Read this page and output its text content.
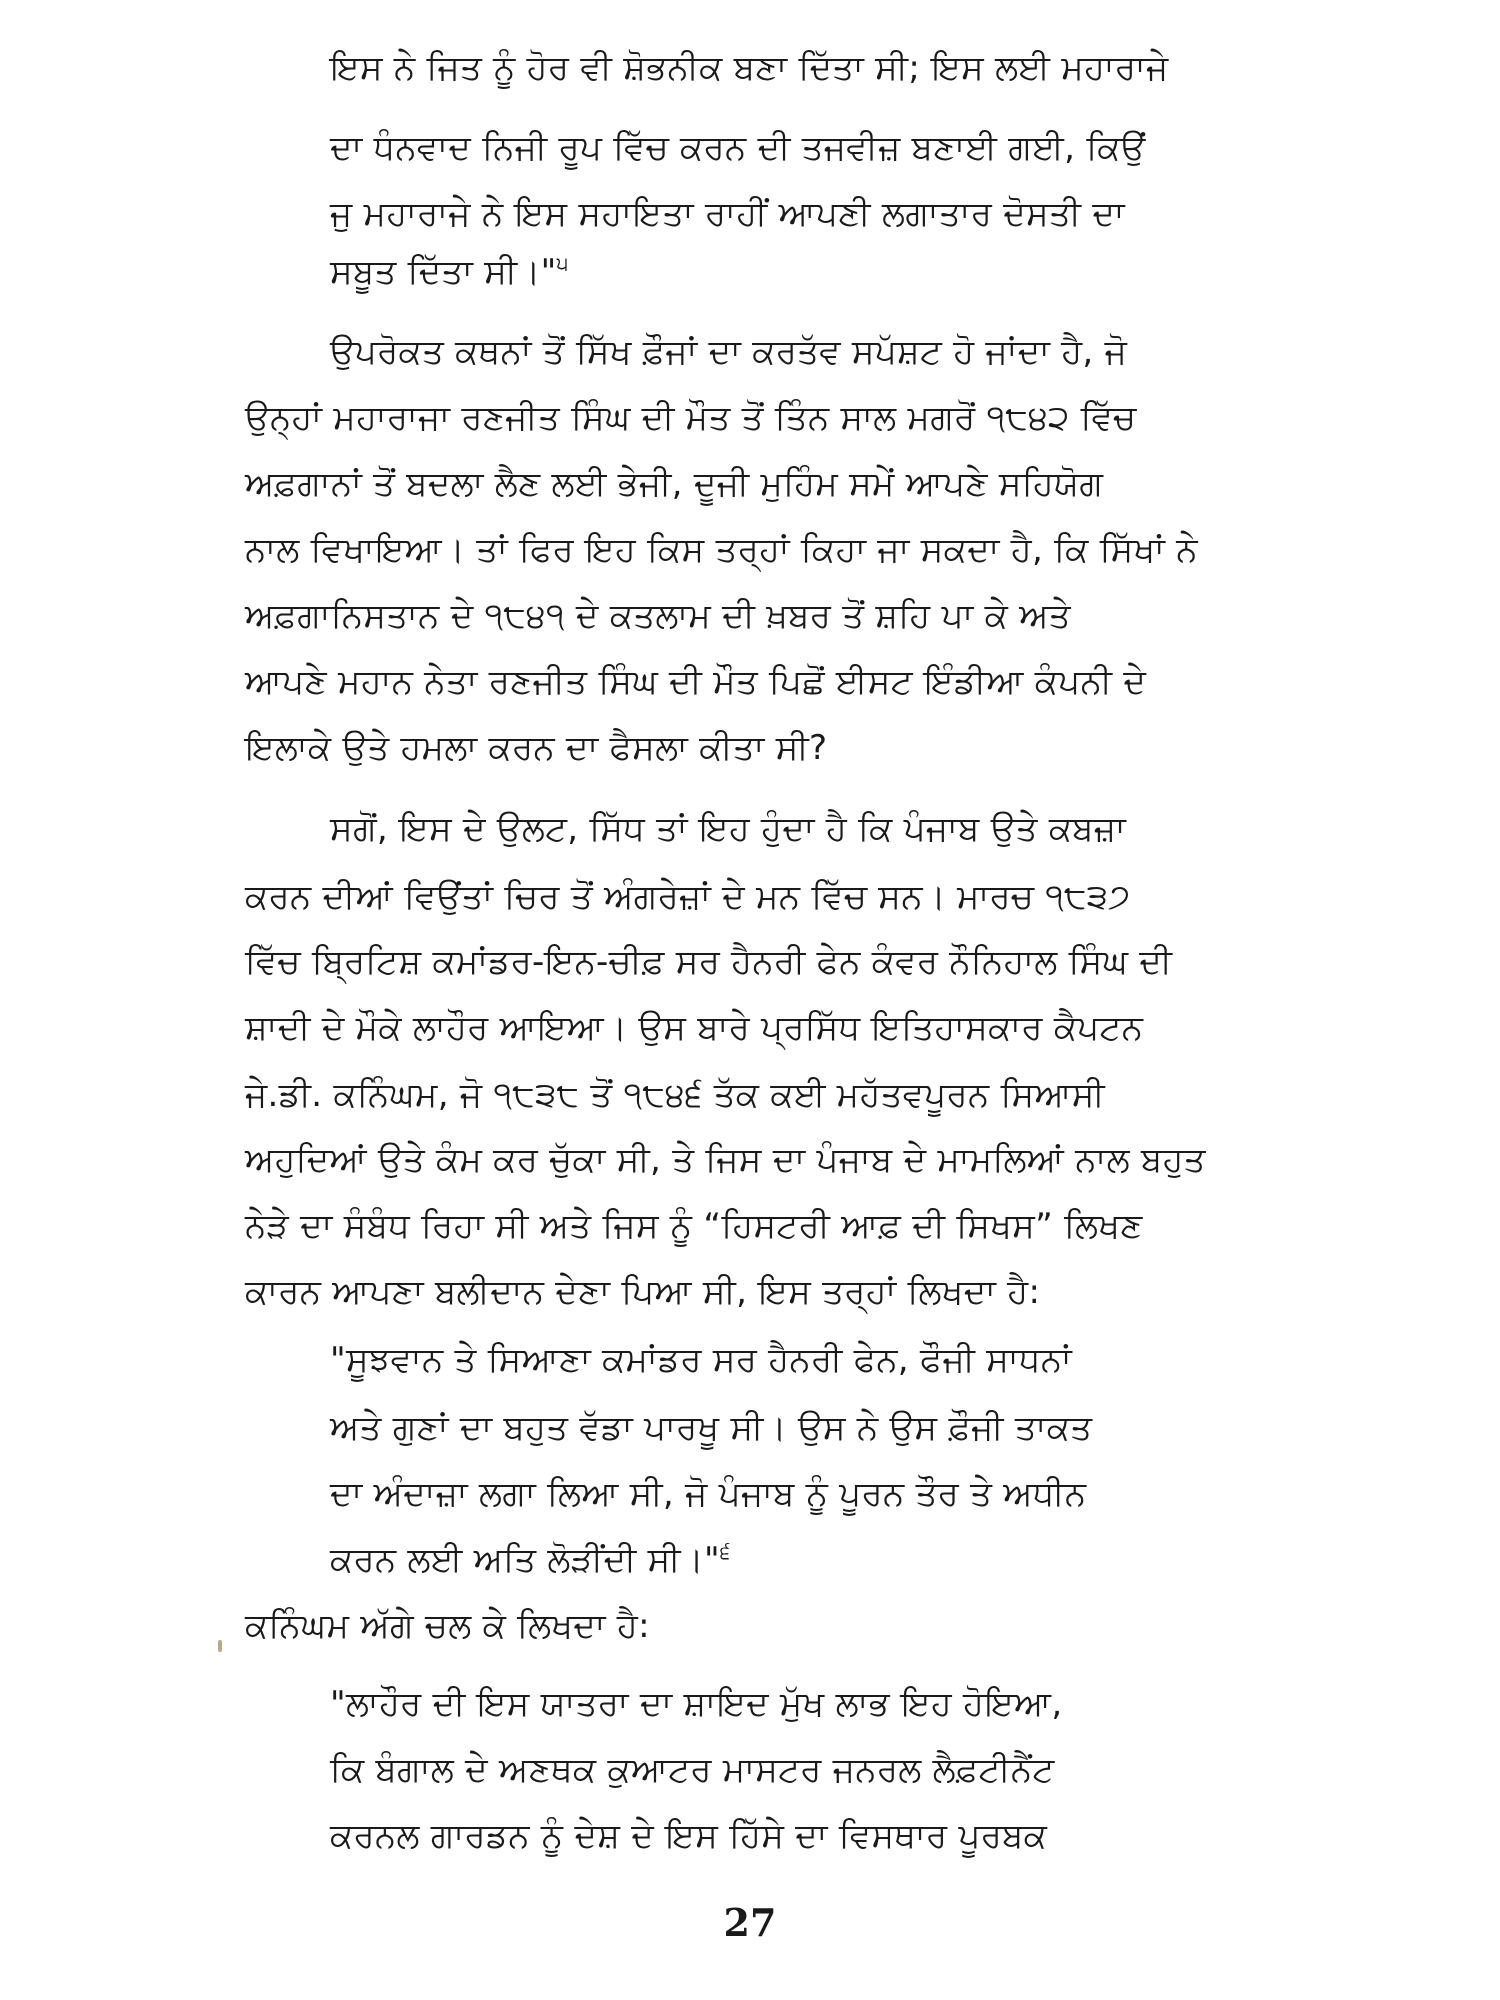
ਇਸ ਨੇ ਜਿਤ ਨੂੰ ਹੋਰ ਵੀ ਸ਼ੋਭਨੀਕ ਬਣਾ ਦਿੱਤਾ ਸੀ; ਇਸ ਲਈ ਮਹਾਰਾਜੇ
ਦਾ ਧੰਨਵਾਦ ਨਿਜੀ ਰੂਪ ਵਿੱਚ ਕਰਨ ਦੀ ਤਜਵੀਜ਼ ਬਣਾਈ ਗਈ, ਕਿਉਂ
ਜੁ ਮਹਾਰਾਜੇ ਨੇ ਇਸ ਸਹਾਇਤਾ ਰਾਹੀਂ ਆਪਣੀ ਲਗਾਤਾਰ ਦੋਸਤੀ ਦਾ
ਸਬੂਤ ਦਿੱਤਾ ਸੀ।"$^੫$
ਉਪਰੋਕਤ ਕਥਨਾਂ ਤੋਂ ਸਿੱਖ ਫ਼ੌਜਾਂ ਦਾ ਕਰਤੱਵ ਸਪੱਸ਼ਟ ਹੋ ਜਾਂਦਾ ਹੈ, ਜੋ
ਉਨ੍ਹਾਂ ਮਹਾਰਾਜਾ ਰਣਜੀਤ ਸਿੰਘ ਦੀ ਮੌਤ ਤੋਂ ਤਿੰਨ ਸਾਲ ਮਗਰੋਂ ੧੮੪੨ ਵਿੱਚ
ਅਫ਼ਗਾਨਾਂ ਤੋਂ ਬਦਲਾ ਲੈਣ ਲਈ ਭੇਜੀ, ਦੂਜੀ ਮੁਹਿੰਮ ਸਮੇਂ ਆਪਣੇ ਸਹਿਯੋਗ
ਨਾਲ ਵਿਖਾਇਆ। ਤਾਂ ਫਿਰ ਇਹ ਕਿਸ ਤਰ੍ਹਾਂ ਕਿਹਾ ਜਾ ਸਕਦਾ ਹੈ, ਕਿ ਸਿੱਖਾਂ ਨੇ
ਅਫ਼ਗਾਨਿਸਤਾਨ ਦੇ ੧੮੪੧ ਦੇ ਕਤਲਾਮ ਦੀ ਖ਼ਬਰ ਤੋਂ ਸ਼ਹਿ ਪਾ ਕੇ ਅਤੇ
ਆਪਣੇ ਮਹਾਨ ਨੇਤਾ ਰਣਜੀਤ ਸਿੰਘ ਦੀ ਮੌਤ ਪਿਛੋਂ ਈਸਟ ਇੰਡੀਆ ਕੰਪਨੀ ਦੇ
ਇਲਾਕੇ ਉਤੇ ਹਮਲਾ ਕਰਨ ਦਾ ਫੈਸਲਾ ਕੀਤਾ ਸੀ?
ਸਗੋਂ, ਇਸ ਦੇ ਉਲਟ, ਸਿੱਧ ਤਾਂ ਇਹ ਹੁੰਦਾ ਹੈ ਕਿ ਪੰਜਾਬ ਉਤੇ ਕਬਜ਼ਾ
ਕਰਨ ਦੀਆਂ ਵਿਉਂਤਾਂ ਚਿਰ ਤੋਂ ਅੰਗਰੇਜ਼ਾਂ ਦੇ ਮਨ ਵਿੱਚ ਸਨ। ਮਾਰਚ ੧੮੩੭
ਵਿੱਚ ਬ੍ਰਿਟਿਸ਼ ਕਮਾਂਡਰ-ਇਨ-ਚੀਫ਼ ਸਰ ਹੈਨਰੀ ਫੇਨ ਕੰਵਰ ਨੌਨਿਹਾਲ ਸਿੰਘ ਦੀ
ਸ਼ਾਦੀ ਦੇ ਮੌਕੇ ਲਾਹੌਰ ਆਇਆ। ਉਸ ਬਾਰੇ ਪ੍ਰਸਿੱਧ ਇਤਿਹਾਸਕਾਰ ਕੈਪਟਨ
ਜੇ.ਡੀ. ਕਨਿੰਘਮ, ਜੋ ੧੮੩੮ ਤੋਂ ੧੮੪੬ ਤੱਕ ਕਈ ਮਹੱਤਵਪੂਰਨ ਸਿਆਸੀ
ਅਹੁਦਿਆਂ ਉਤੇ ਕੰਮ ਕਰ ਚੁੱਕਾ ਸੀ, ਤੇ ਜਿਸ ਦਾ ਪੰਜਾਬ ਦੇ ਮਾਮਲਿਆਂ ਨਾਲ ਬਹੁਤ
ਨੇੜੇ ਦਾ ਸੰਬੰਧ ਰਿਹਾ ਸੀ ਅਤੇ ਜਿਸ ਨੂੰ “ਹਿਸਟਰੀ ਆਫ਼ ਦੀ ਸਿਖਸ” ਲਿਖਣ
ਕਾਰਨ ਆਪਣਾ ਬਲੀਦਾਨ ਦੇਣਾ ਪਿਆ ਸੀ, ਇਸ ਤਰ੍ਹਾਂ ਲਿਖਦਾ ਹੈ:
"ਸੂਝਵਾਨ ਤੇ ਸਿਆਣਾ ਕਮਾਂਡਰ ਸਰ ਹੈਨਰੀ ਫੇਨ, ਫੌਜੀ ਸਾਧਨਾਂ
ਅਤੇ ਗੁਣਾਂ ਦਾ ਬਹੁਤ ਵੱਡਾ ਪਾਰਖੂ ਸੀ। ਉਸ ਨੇ ਉਸ ਫ਼ੌਜੀ ਤਾਕਤ
ਦਾ ਅੰਦਾਜ਼ਾ ਲਗਾ ਲਿਆ ਸੀ, ਜੋ ਪੰਜਾਬ ਨੂੰ ਪੂਰਨ ਤੌਰ ਤੇ ਅਧੀਨ
ਕਰਨ ਲਈ ਅਤਿ ਲੋੜੀਂਦੀ ਸੀ।"$^੬$
ਕਨਿੰਘਮ ਅੱਗੇ ਚਲ ਕੇ ਲਿਖਦਾ ਹੈ:
"ਲਾਹੌਰ ਦੀ ਇਸ ਯਾਤਰਾ ਦਾ ਸ਼ਾਇਦ ਮੁੱਖ ਲਾਭ ਇਹ ਹੋਇਆ,
ਕਿ ਬੰਗਾਲ ਦੇ ਅਣਥਕ ਕੁਆਟਰ ਮਾਸਟਰ ਜਨਰਲ ਲੈਫ਼ਟੀਨੈਂਟ
ਕਰਨਲ ਗਾਰਡਨ ਨੂੰ ਦੇਸ਼ ਦੇ ਇਸ ਹਿੱਸੇ ਦਾ ਵਿਸਥਾਰ ਪੂਰਬਕ
27
